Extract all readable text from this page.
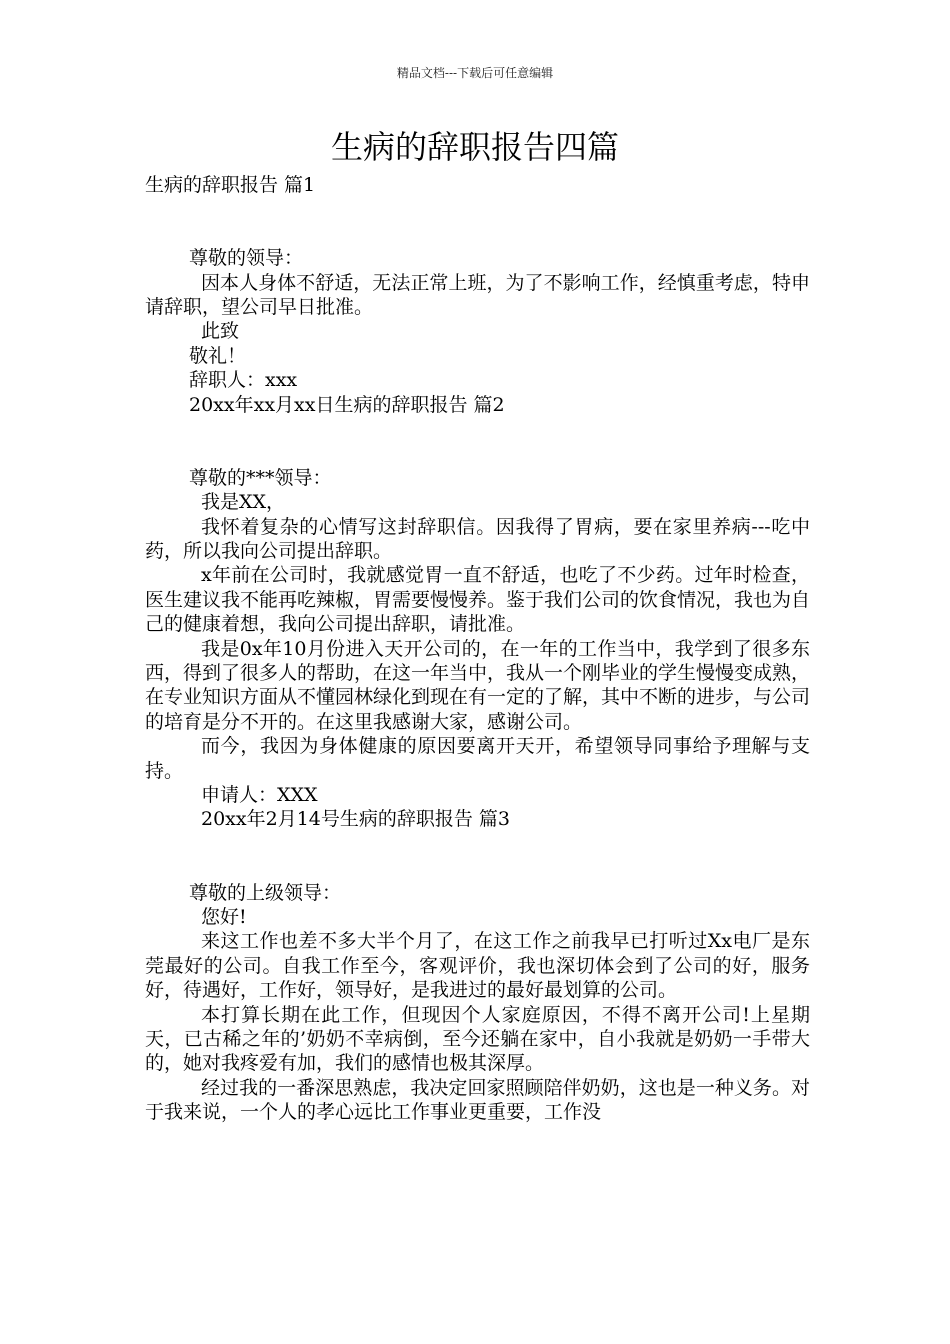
精品文档---下载后可任意编辑
生病的辞职报告四篇
生病的辞职报告 篇1
尊敬的领导：
因本人身体不舒适，无法正常上班，为了不影响工作，经慎重考虑，特申请辞职，望公司早日批准。
此致
敬礼！
辞职人：xxx
20xx年xx月xx日生病的辞职报告 篇2
尊敬的***领导：
我是XX，
我怀着复杂的心情写这封辞职信。因我得了胃病，要在家里养病---吃中药，所以我向公司提出辞职。
x年前在公司时，我就感觉胃一直不舒适，也吃了不少药。过年时检查，医生建议我不能再吃辣椒，胃需要慢慢养。鉴于我们公司的饮食情况，我也为自己的健康着想，我向公司提出辞职，请批准。
我是0x年10月份进入天开公司的，在一年的工作当中，我学到了很多东西，得到了很多人的帮助，在这一年当中，我从一个刚毕业的学生慢慢变成熟，在专业知识方面从不懂园林绿化到现在有一定的了解，其中不断的进步，与公司的培育是分不开的。在这里我感谢大家，感谢公司。
而今，我因为身体健康的原因要离开天开，希望领导同事给予理解与支持。
申请人：XXX
20xx年2月14号生病的辞职报告 篇3
尊敬的上级领导：
您好!
来这工作也差不多大半个月了，在这工作之前我早已打听过Xx电厂是东莞最好的公司。自我工作至今，客观评价，我也深切体会到了公司的好，服务好，待遇好，工作好，领导好，是我进过的最好最划算的公司。
本打算长期在此工作，但现因个人家庭原因，不得不离开公司!上星期天，已古稀之年的’奶奶不幸病倒，至今还躺在家中，自小我就是奶奶一手带大的，她对我疼爱有加，我们的感情也极其深厚。
经过我的一番深思熟虑，我决定回家照顾陪伴奶奶，这也是一种义务。对于我来说，一个人的孝心远比工作事业更重要，工作没
